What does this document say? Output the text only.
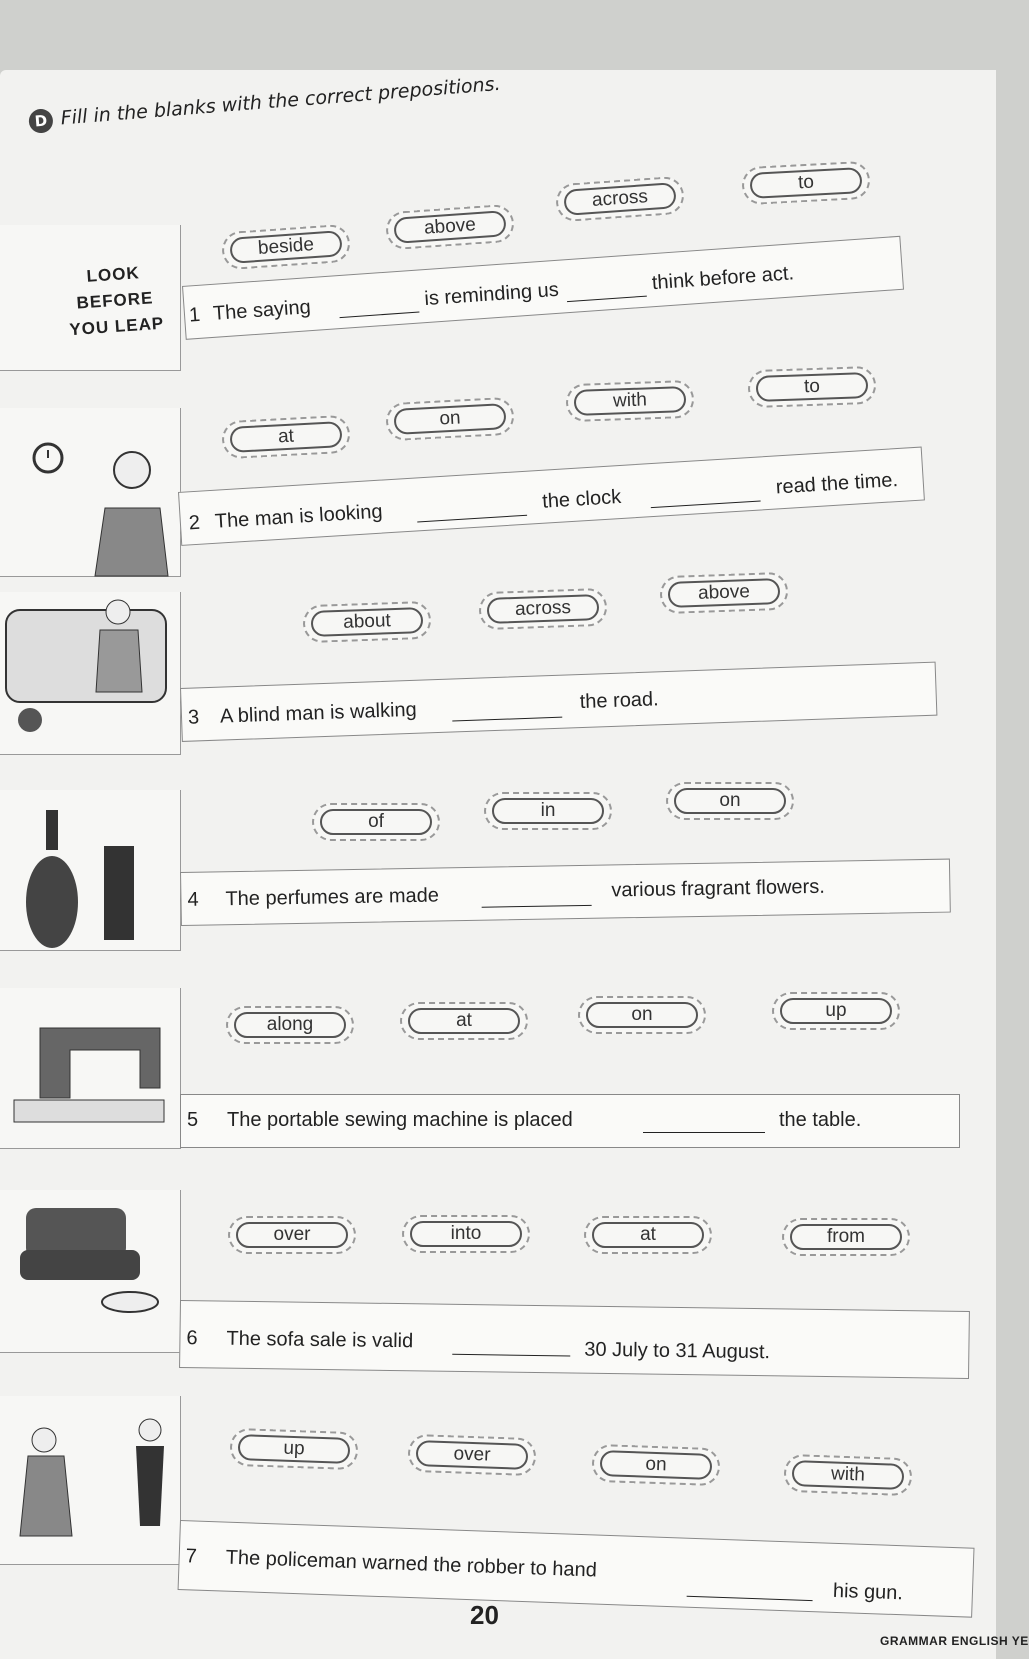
D Fill in the blanks with the correct prepositions.
LOOK
BEFORE
YOU LEAP
beside
above
across
to
1 The saying
is reminding us
think before act.
at
on
with
to
2 The man is looking
the clock
read the time.
about
across
above
3 A blind man is walking	the road.
of
in	on
4 The perfumes are made	various fragrant flowers.
along	at	on	up
5 The portable sewing machine is placed	the table.
over	into	at	from
6 The sofa sale is valid	30 July to 31 August.
up	over	on	with
7 The policeman warned the robber to hand
his gun.
20
GRAMMAR ENGLISH YE
